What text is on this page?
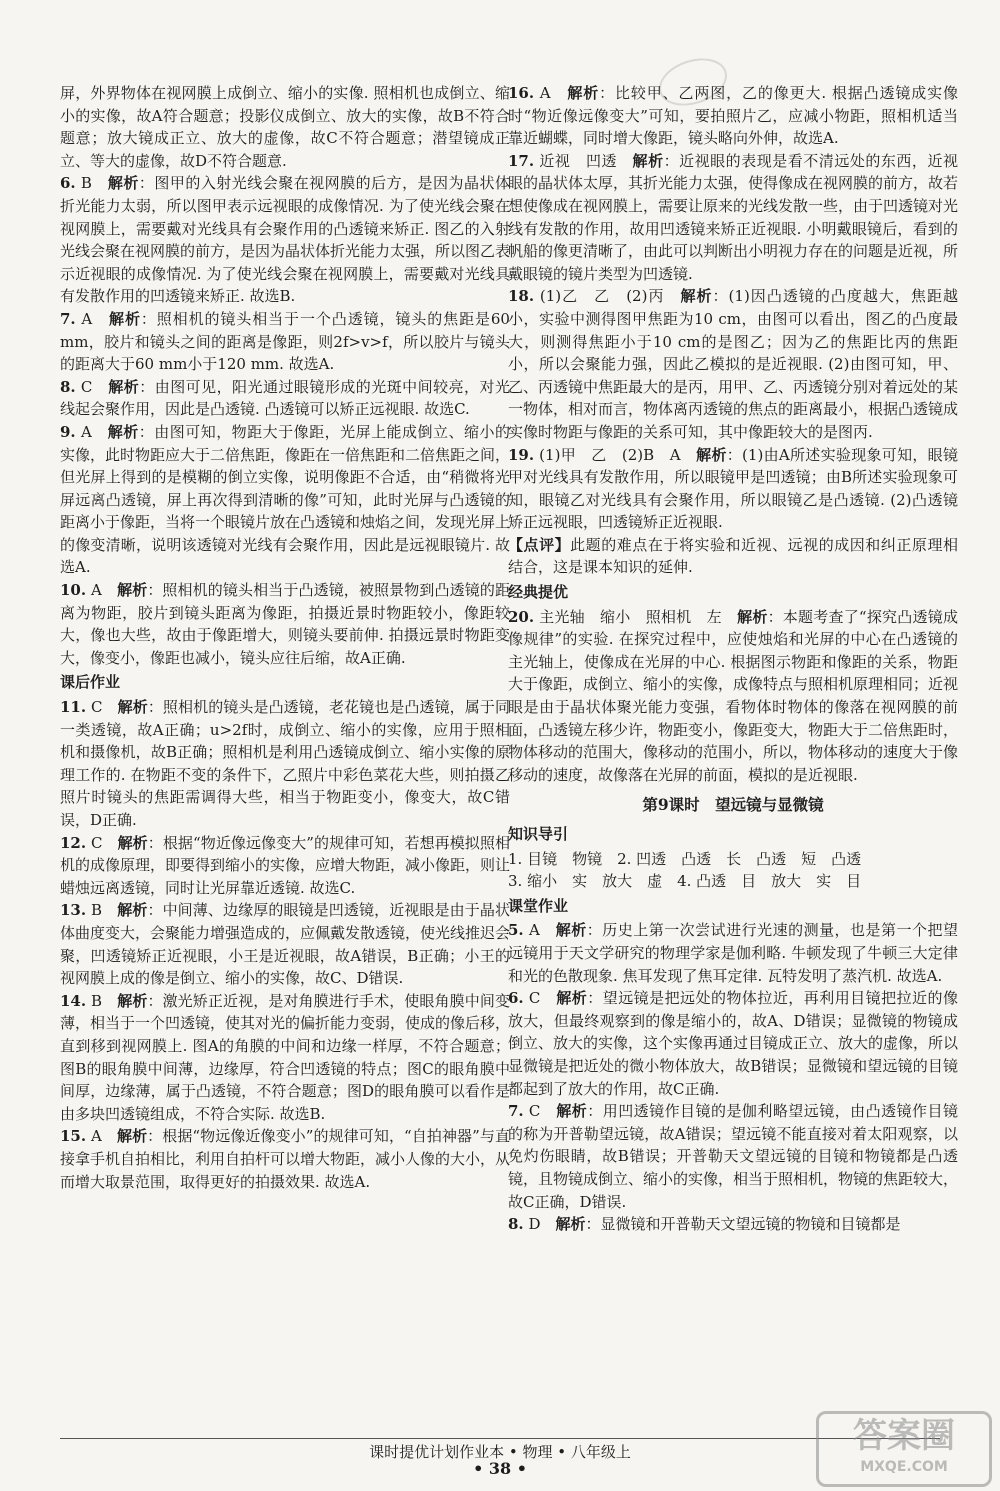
屏，外界物体在视网膜上成倒立、缩小的实像. 照相机也成倒立、缩小的实像，故A符合题意；投影仪成倒立、放大的实像，故B不符合题意；放大镜成正立、放大的虚像，故C不符合题意；潜望镜成正立、等大的虚像，故D不符合题意.

6. B　 解析：图甲的入射光线会聚在视网膜的后方，是因为晶状体折光能力太弱，所以图甲表示远视眼的成像情况. 为了使光线会聚在视网膜上，需要戴对光线具有会聚作用的凸透镜来矫正. 图乙的入射光线会聚在视网膜的前方，是因为晶状体折光能力太强，所以图乙表示近视眼的成像情况. 为了使光线会聚在视网膜上，需要戴对光线具有发散作用的凹透镜来矫正. 故选B.

7. A　 解析：照相机的镜头相当于一个凸透镜，镜头的焦距是60 mm，胶片和镜头之间的距离是像距，则2f>v>f，所以胶片与镜头的距离大于60 mm小于120 mm. 故选A.

8. C　 解析：由图可见，阳光通过眼镜形成的光斑中间较亮，对光线起会聚作用，因此是凸透镜. 凸透镜可以矫正远视眼. 故选C.

9. A　 解析：由图可知，物距大于像距，光屏上能成倒立、缩小的实像，此时物距应大于二倍焦距，像距在一倍焦距和二倍焦距之间，但光屏上得到的是模糊的倒立实像，说明像距不合适，由“稍微将光屏远离凸透镜，屏上再次得到清晰的像”可知，此时光屏与凸透镜的距离小于像距，当将一个眼镜片放在凸透镜和烛焰之间，发现光屏上的像变清晰，说明该透镜对光线有会聚作用，因此是远视眼镜片. 故选A.

10. A　 解析：照相机的镜头相当于凸透镜，被照景物到凸透镜的距离为物距，胶片到镜头距离为像距，拍摄近景时物距较小，像距较大，像也大些，故由于像距增大，则镜头要前伸. 拍摄远景时物距变大，像变小，像距也减小，镜头应往后缩，故A正确.

课后作业

11. C　 解析：照相机的镜头是凸透镜，老花镜也是凸透镜，属于同一类透镜，故A正确；u>2f时，成倒立、缩小的实像，应用于照相机和摄像机，故B正确；照相机是利用凸透镜成倒立、缩小实像的原理工作的. 在物距不变的条件下，乙照片中彩色菜花大些，则拍摄乙照片时镜头的焦距需调得大些，相当于物距变小，像变大，故C错误，D正确.

12. C　 解析：根据“物近像远像变大”的规律可知，若想再模拟照相机的成像原理，即要得到缩小的实像，应增大物距，减小像距，则让蜡烛远离透镜，同时让光屏靠近透镜. 故选C.

13. B　 解析：中间薄、边缘厚的眼镜是凹透镜，近视眼是由于晶状体曲度变大，会聚能力增强造成的，应佩戴发散透镜，使光线推迟会聚，凹透镜矫正近视眼，小王是近视眼，故A错误，B正确；小王的视网膜上成的像是倒立、缩小的实像，故C、D错误.

14. B　 解析：激光矫正近视，是对角膜进行手术，使眼角膜中间变薄，相当于一个凹透镜，使其对光的偏折能力变弱，使成的像后移，直到移到视网膜上. 图A的角膜的中间和边缘一样厚，不符合题意；图B的眼角膜中间薄，边缘厚，符合凹透镜的特点；图C的眼角膜中间厚，边缘薄，属于凸透镜，不符合题意；图D的眼角膜可以看作是由多块凹透镜组成，不符合实际. 故选B.

15. A　 解析：根据“物远像近像变小”的规律可知，“自拍神器”与直接拿手机自拍相比，利用自拍杆可以增大物距，减小人像的大小，从而增大取景范围，取得更好的拍摄效果. 故选A.

16. A　 解析：比较甲、乙两图，乙的像更大. 根据凸透镜成实像时“物近像远像变大”可知，要拍照片乙，应减小物距，照相机适当靠近蝴蝶，同时增大像距，镜头略向外伸，故选A.

17. 近视　凹透　 解析：近视眼的表现是看不清远处的东西，近视眼的晶状体太厚，其折光能力太强，使得像成在视网膜的前方，故若想使像成在视网膜上，需要让原来的光线发散一些，由于凹透镜对光线有发散的作用，故用凹透镜来矫正近视眼. 小明戴眼镜后，看到的帆船的像更清晰了，由此可以判断出小明视力存在的问题是近视，所戴眼镜的镜片类型为凹透镜.

18. (1)乙　乙　(2)丙　 解析：(1)因凸透镜的凸度越大，焦距越小，实验中测得图甲焦距为10 cm，由图可以看出，图乙的凸度最大，则测得焦距小于10 cm的是图乙；因为乙的焦距比丙的焦距小，所以会聚能力强，因此乙模拟的是近视眼. (2)由图可知，甲、乙、丙透镜中焦距最大的是丙，用甲、乙、丙透镜分别对着远处的某一物体，相对而言，物体离丙透镜的焦点的距离最小，根据凸透镜成实像时物距与像距的关系可知，其中像距较大的是图丙.

19. (1)甲　乙　(2)B　A　 解析：(1)由A所述实验现象可知，眼镜甲对光线具有发散作用，所以眼镜甲是凹透镜；由B所述实验现象可知，眼镜乙对光线具有会聚作用，所以眼镜乙是凸透镜. (2)凸透镜矫正远视眼，凹透镜矫正近视眼.

【点评】此题的难点在于将实验和近视、远视的成因和纠正原理相结合，这是课本知识的延伸.

经典提优

20. 主光轴　缩小　照相机　左　 解析：本题考查了“探究凸透镜成像规律”的实验. 在探究过程中，应使烛焰和光屏的中心在凸透镜的主光轴上，使像成在光屏的中心. 根据图示物距和像距的关系，物距大于像距，成倒立、缩小的实像，成像特点与照相机原理相同；近视眼是由于晶状体聚光能力变强，看物体时物体的像落在视网膜的前面，凸透镜左移少许，物距变小，像距变大，物距大于二倍焦距时，物体移动的范围大，像移动的范围小，所以，物体移动的速度大于像移动的速度，故像落在光屏的前面，模拟的是近视眼.

第9课时　望远镜与显微镜
知识导引

1. 目镜　物镜　2. 凹透　凸透　长　凸透　短　凸透

3. 缩小　实　放大　虚　4. 凸透　目　放大　实　目

课堂作业

5. A　 解析：历史上第一次尝试进行光速的测量，也是第一个把望远镜用于天文学研究的物理学家是伽利略. 牛顿发现了牛顿三大定律和光的色散现象. 焦耳发现了焦耳定律. 瓦特发明了蒸汽机. 故选A.

6. C　 解析：望远镜是把远处的物体拉近，再利用目镜把拉近的像放大，但最终观察到的像是缩小的，故A、D错误；显微镜的物镜成倒立、放大的实像，这个实像再通过目镜成正立、放大的虚像，所以显微镜是把近处的微小物体放大，故B错误；显微镜和望远镜的目镜都起到了放大的作用，故C正确.

7. C　 解析：用凹透镜作目镜的是伽利略望远镜，由凸透镜作目镜的称为开普勒望远镜，故A错误；望远镜不能直接对着太阳观察，以免灼伤眼睛，故B错误；开普勒天文望远镜的目镜和物镜都是凸透镜，且物镜成倒立、缩小的实像，相当于照相机，物镜的焦距较大，故C正确，D错误.

8. D　 解析：显微镜和开普勒天文望远镜的物镜和目镜都是

课时提优计划作业本 • 物理 • 八年级上
• 38 •
答案圈
MXQE.COM
